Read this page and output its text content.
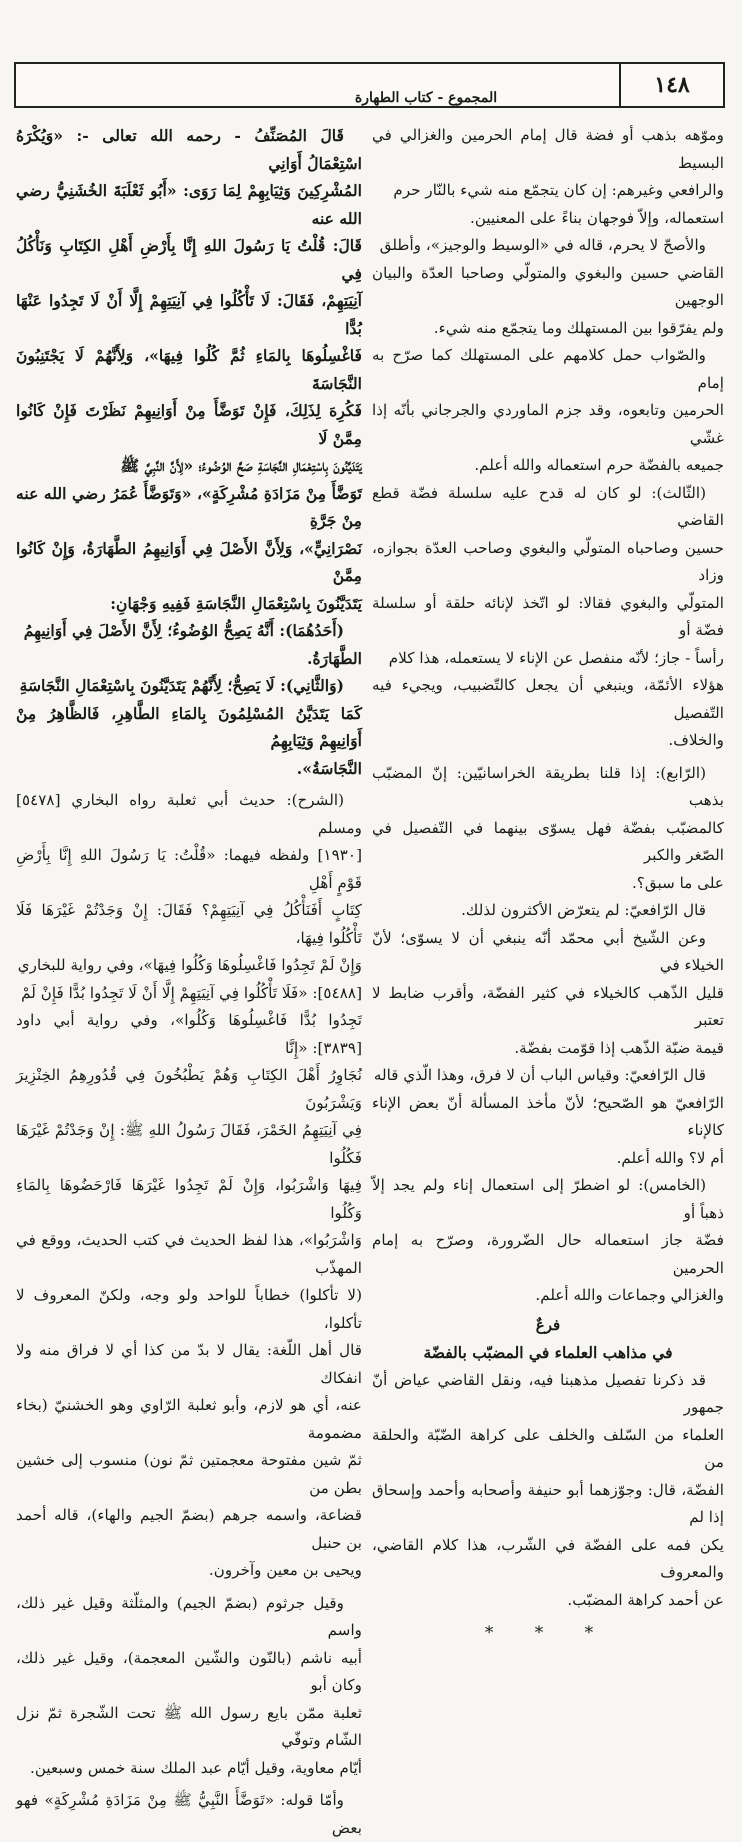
١٤٨
المجموع - كتاب الطهارة

وموّهه بذهب أو فضة قال إمام الحرمين والغزالي في البسيط

والرافعي وغيرهم: إن كان يتجمّع منه شيء بالنّار حرم

استعماله، وإلاّ فوجهان بناءً على المعنيين.

والأصحّ لا يحرم، قاله في «الوسيط والوجيز»، وأطلق

القاضي حسين والبغوي والمتولّي وصاحبا العدّة والبيان الوجهين

ولم يفرّقوا بين المستهلك وما يتجمّع منه شيء.

والصّواب حمل كلامهم على المستهلك كما صرّح به إمام

الحرمين وتابعوه، وقد جزم الماوردي والجرجاني بأنّه إذا غشّي

جميعه بالفضّة حرم استعماله والله أعلم.

(الثّالث): لو كان له قدح عليه سلسلة فضّة قطع القاضي

حسين وصاحباه المتولّي والبغوي وصاحب العدّة بجوازه، وزاد

المتولّي والبغوي فقالا: لو اتّخذ لإنائه حلقة أو سلسلة فضّة أو

رأساً - جاز؛ لأنّه منفصل عن الإناء لا يستعمله، هذا كلام

هؤلاء الأئمّة، وينبغي أن يجعل كالتّضبيب، ويجيء فيه التّفصيل

والخلاف.

(الرّابع): إذا قلنا بطريقة الخراسانيّين: إنّ المضبّب بذهب

كالمضبّب بفضّة فهل يسوّى بينهما في التّفصيل في الصّغر والكبر

على ما سبق؟.

قال الرّافعيّ: لم يتعرّض الأكثرون لذلك.

وعن الشّيخ أبي محمّد أنّه ينبغي أن لا يسوّى؛ لأنّ الخيلاء في

قليل الذّهب كالخيلاء في كثير الفضّة، وأقرب ضابط لا تعتبر

قيمة ضبّة الذّهب إذا قوّمت بفضّة.

قال الرّافعيّ: وقياس الباب أن لا فرق، وهذا الّذي قاله

الرّافعيّ هو الصّحيح؛ لأنّ مأخذ المسألة أنّ بعض الإناء كالإناء

أم لا؟ والله أعلم.

(الخامس): لو اضطرّ إلى استعمال إناء ولم يجد إلاّ ذهباً أو

فضّة جاز استعماله حال الضّرورة، وصرّح به إمام الحرمين

والغزالي وجماعات والله أعلم.

فرعٌ

في مذاهب العلماء في المضبّب بالفضّة

قد ذكرنا تفصيل مذهبنا فيه، ونقل القاضي عياض أنّ جمهور

العلماء من السّلف والخلف على كراهة الضّبّة والحلقة من

الفضّة، قال: وجوّزهما أبو حنيفة وأصحابه وأحمد وإسحاق إذا لم

يكن فمه على الفضّة في الشّرب، هذا كلام القاضي، والمعروف

عن أحمد كراهة المضبّب.

* * *

قَالَ المُصَنِّفُ - رحمه الله تعالى -: «وَيُكْرَهُ اسْتِعْمَالُ أَوَانِي

المُشْرِكِينَ وَثِيَابِهِمْ لِمَا رَوَى: «أَبُو ثَعْلَبَةَ الخُشَنِيُّ رضي الله عنه

قَالَ: قُلْتُ يَا رَسُولَ اللهِ إِنَّا بِأَرْضِ أَهْلِ الكِتَابِ وَنَأْكُلُ فِي

آنِيَتِهِمْ، فَقَالَ: لَا تَأْكُلُوا فِي آنِيَتِهِمْ إِلَّا أَنْ لَا تَجِدُوا عَنْهَا بُدًّا

فَاغْسِلُوهَا بِالمَاءِ ثُمَّ كُلُوا فِيهَا»، وَلِأَنَّهُمْ لَا يَجْتَنِبُونَ النَّجَاسَةَ

فَكُرِهَ لِذَلِكَ، فَإِنْ تَوَضَّأَ مِنْ أَوَانِيهِمْ نَظَرْتَ فَإِنْ كَانُوا مِمَّنْ لَا

يَتَدَيَّنُونَ بِاسْتِعْمَالِ النَّجَاسَةِ صَحَّ الوُضُوءُ؛ «لِأَنَّ النَّبِيَّ ﷺ

تَوَضَّأَ مِنْ مَزَادَةِ مُشْرِكَةٍ»، «وَتَوَضَّأَ عُمَرُ رضي الله عنه مِنْ جَرَّةِ

نَصْرَانِيٍّ»، وَلِأَنَّ الأَصْلَ فِي أَوَانِيهِمُ الطَّهَارَةُ، وَإِنْ كَانُوا مِمَّنْ

يَتَدَيَّنُونَ بِاسْتِعْمَالِ النَّجَاسَةِ فَفِيهِ وَجْهَانِ:

(أَحَدُهُمَا): أَنَّهُ يَصِحُّ الوُضُوءُ؛ لِأَنَّ الأَصْلَ فِي أَوَانِيهِمُ

الطَّهَارَةُ.

(وَالثَّانِي): لَا يَصِحُّ؛ لِأَنَّهُمْ يَتَدَيَّنُونَ بِاسْتِعْمَالِ النَّجَاسَةِ

كَمَا يَتَدَيَّنُ المُسْلِمُونَ بِالمَاءِ الطَّاهِرِ، فَالظَّاهِرُ مِنْ أَوَانِيهِمْ وَثِيَابِهِمُ

النَّجَاسَةُ».

(الشرح): حديث أبي ثعلبة رواه البخاري [٥٤٧٨] ومسلم

[١٩٣٠] ولفظه فيهما: «قُلْتُ: يَا رَسُولَ اللهِ إِنَّا بِأَرْضِ قَوْمٍ أَهْلِ

كِتَابٍ أَفَنَأْكُلُ فِي آنِيَتِهِمْ؟ فَقَالَ: إِنْ وَجَدْتُمْ غَيْرَهَا فَلَا تَأْكُلُوا فِيهَا،

وَإِنْ لَمْ تَجِدُوا فَاغْسِلُوهَا وَكُلُوا فِيهَا»، وفي رواية للبخاري

[٥٤٨٨]: «فَلَا تَأْكُلُوا فِي آنِيَتِهِمْ إِلَّا أَنْ لَا تَجِدُوا بُدًّا فَإِنْ لَمْ

تَجِدُوا بُدًّا فَاغْسِلُوهَا وَكُلُوا»، وفي رواية أبي داود [٣٨٣٩]: «إِنَّا

نُجَاوِرُ أَهْلَ الكِتَابِ وَهُمْ يَطْبُخُونَ فِي قُدُورِهِمُ الخِنْزِيرَ وَيَشْرَبُونَ

فِي آنِيَتِهِمُ الخَمْرَ، فَقَالَ رَسُولُ اللهِ ﷺ: إِنْ وَجَدْتُمْ غَيْرَهَا فَكُلُوا

فِيهَا وَاشْرَبُوا، وَإِنْ لَمْ تَجِدُوا غَيْرَهَا فَارْحَضُوهَا بِالمَاءِ وَكُلُوا

وَاشْرَبُوا»، هذا لفظ الحديث في كتب الحديث، ووقع في المهذّب

(لا تأكلوا) خطاباً للواحد ولو وجه، ولكنّ المعروف لا تأكلوا،

قال أهل اللّغة: يقال لا بدّ من كذا أي لا فراق منه ولا انفكاك

عنه، أي هو لازم، وأبو ثعلبة الرّاوي وهو الخشنيّ (بخاء مضمومة

ثمّ شين مفتوحة معجمتين ثمّ نون) منسوب إلى خشين بطن من

قضاعة، واسمه جرهم (بضمّ الجيم والهاء)، قاله أحمد بن حنبل

ويحيى بن معين وآخرون.

وقيل جرثوم (بضمّ الجيم) والمثلّثة وقيل غير ذلك، واسم

أبيه ناشم (بالنّون والشّين المعجمة)، وقيل غير ذلك، وكان أبو

ثعلبة ممّن بايع رسول الله ﷺ تحت الشّجرة ثمّ نزل الشّام وتوفّي

أيّام معاوية، وقيل أيّام عبد الملك سنة خمس وسبعين.

وأمّا قوله: «تَوَضَّأَ النَّبِيُّ ﷺ مِنْ مَزَادَةِ مُشْرِكَةٍ» فهو بعض
